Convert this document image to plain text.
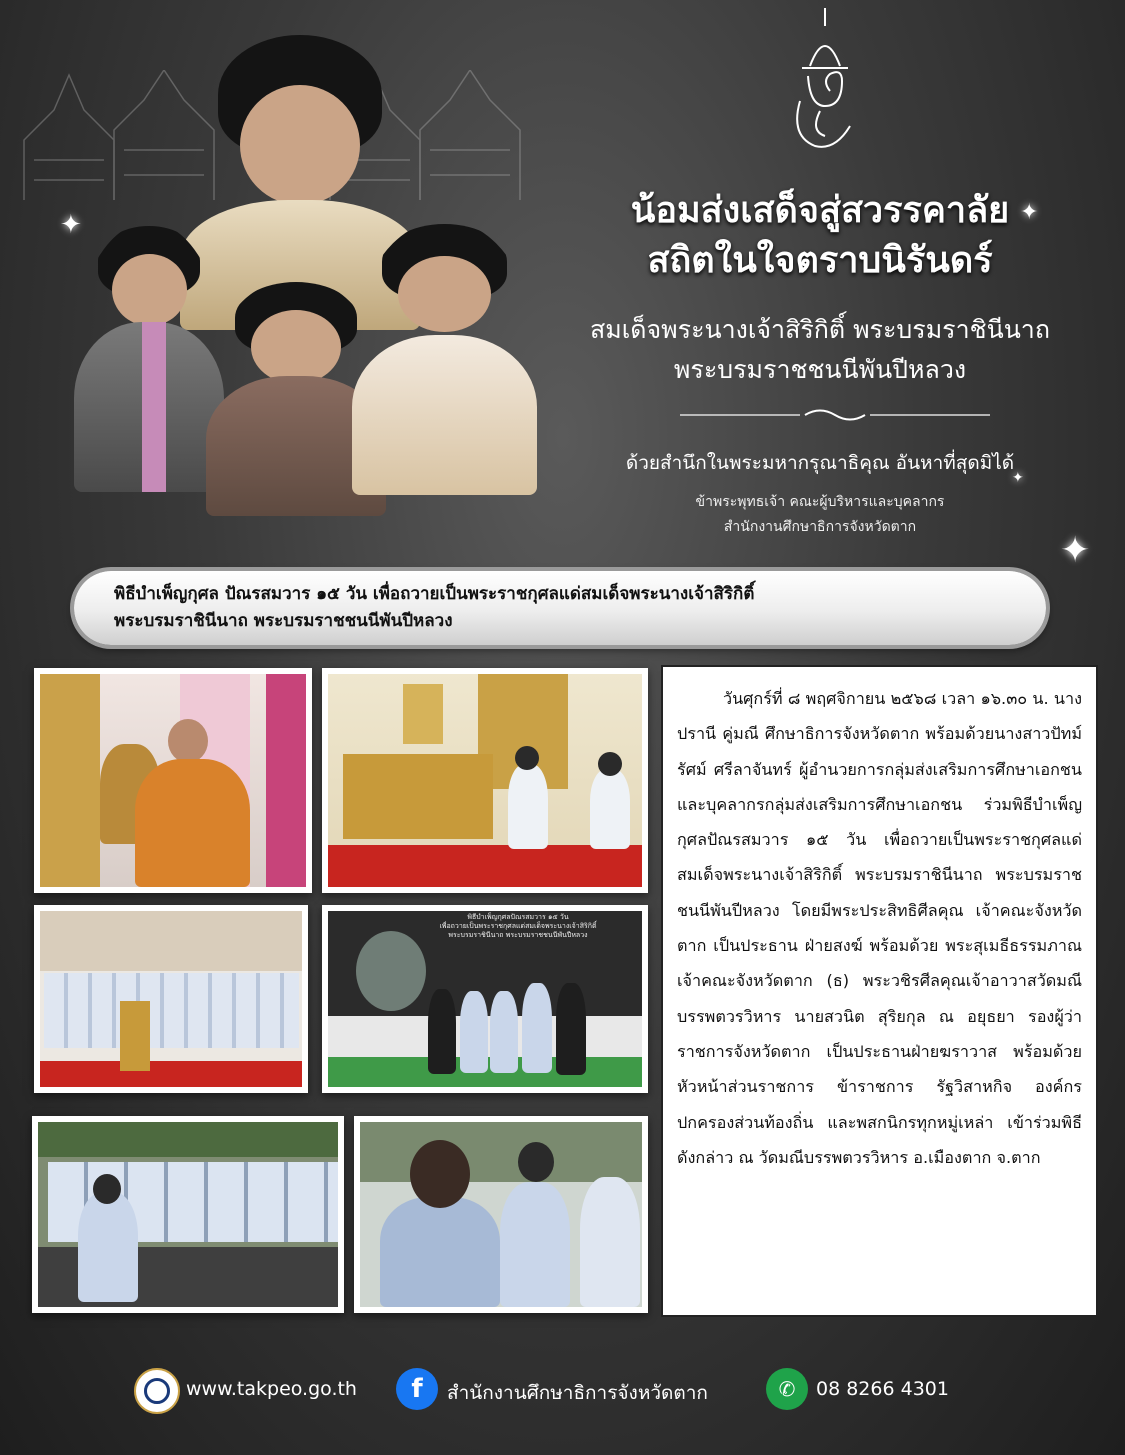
น้อมส่งเสด็จสู่สวรรคาลัย
สถิตในใจตราบนิรันดร์
สมเด็จพระนางเจ้าสิริกิติ์ พระบรมราชินีนาถ
พระบรมราชชนนีพันปีหลวง
ด้วยสำนึกในพระมหากรุณาธิคุณ อันหาที่สุดมิได้
ข้าพระพุทธเจ้า คณะผู้บริหารและบุคลากร
สำนักงานศึกษาธิการจังหวัดตาก
✦	✦
✦
✦
พิธีบำเพ็ญกุศล ปัณรสมวาร ๑๕ วัน เพื่อถวายเป็นพระราชกุศลแด่สมเด็จพระนางเจ้าสิริกิติ์
พระบรมราชินีนาถ พระบรมราชชนนีพันปีหลวง
พิธีบำเพ็ญกุศลปัณรสมวาร ๑๕ วัน
เพื่อถวายเป็นพระราชกุศลแด่สมเด็จพระนางเจ้าสิริกิติ์
พระบรมราชินีนาถ พระบรมราชชนนีพันปีหลวง

วันศุกร์ที่ ๘ พฤศจิกายน ๒๕๖๘ เวลา ๑๖.๓๐ น. นางปรานี คู่มณี ศึกษาธิการจังหวัดตาก พร้อมด้วยนางสาวปัทม์รัศม์ ศรีลาจันทร์ ผู้อำนวยการกลุ่มส่งเสริมการศึกษาเอกชน และบุคลากรกลุ่มส่งเสริมการศึกษาเอกชน ร่วมพิธีบำเพ็ญกุศลปัณรสมวาร ๑๕ วัน เพื่อถวายเป็นพระราชกุศลแด่สมเด็จพระนางเจ้าสิริกิติ์ พระบรมราชินีนาถ พระบรมราชชนนีพันปีหลวง โดยมีพระประสิทธิศีลคุณ เจ้าคณะจังหวัดตาก เป็นประธาน ฝ่ายสงฆ์ พร้อมด้วย พระสุเมธีธรรมภาณ เจ้าคณะจังหวัดตาก (ธ) พระวชิรศีลคุณเจ้าอาวาสวัดมณีบรรพตวรวิหาร นายสวนิต สุริยกุล ณ อยุธยา รองผู้ว่าราชการจังหวัดตาก เป็นประธานฝ่ายฆราวาส พร้อมด้วย หัวหน้าส่วนราชการ ข้าราชการ รัฐวิสาหกิจ องค์กรปกครองส่วนท้องถิ่น และพสกนิกรทุกหมู่เหล่า เข้าร่วมพิธีดังกล่าว ณ วัดมณีบรรพตวรวิหาร อ.เมืองตาก จ.ตาก

www.takpeo.go.th	f	สำนักงานศึกษาธิการจังหวัดตาก	✆	08 8266 4301
